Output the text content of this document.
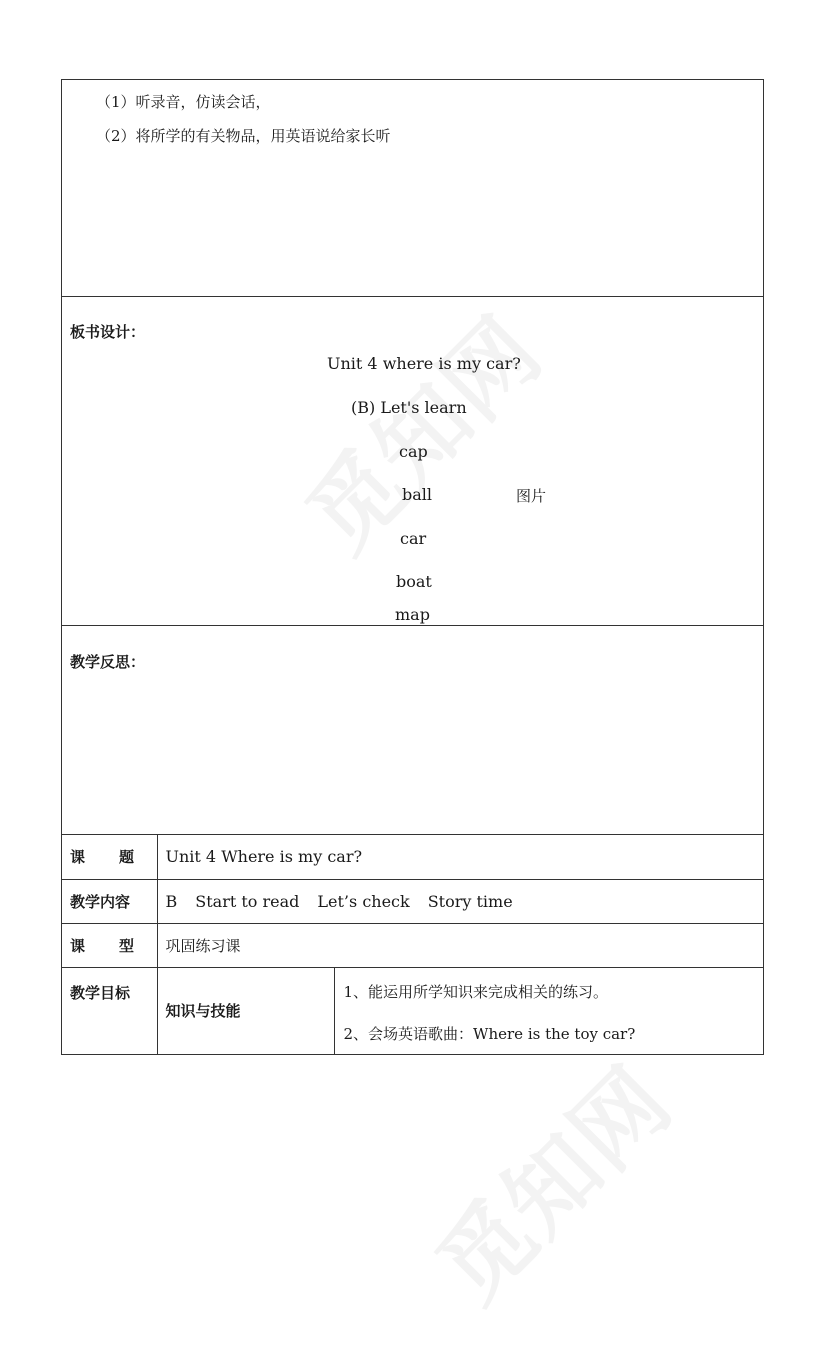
（1）听录音，仿读会话，

（2）将所学的有关物品，用英语说给家长听

板书设计：
Unit 4 where is my car?
(B) Let's learn
cap
ball	图片
car
boat
map
教学反思：
课 题	Unit 4 Where is my car?	
教学内容	B Start to read Let’s check Story time	

课 型	巩固练习课	
教学目标	知识与技能	1、能运用所学知识来完成相关的练习。

2、会场英语歌曲：Where is the toy car?
